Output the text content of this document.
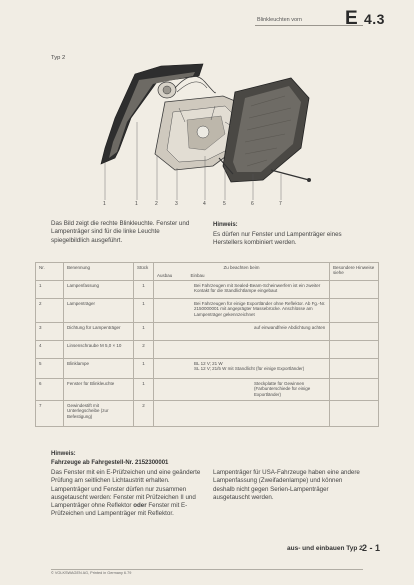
Blinkleuchten vorn E 4.3
Typ 2
1	1	2	3	4	5	6	7
Das Bild zeigt die rechte Blinkleuchte. Fenster und Lampenträger sind für die linke Leuchte spiegelbildlich ausgeführt.
Hinweis:
Es dürfen nur Fenster und Lampenträger eines Herstellers kombiniert werden.
Nr.	Benennung	Stück	Zu beachten beim		Besondere Hinweise siehe
			Ausbau	Einbau	
1	Lampenfassung	1	Bei Fahrzeugen mit Sealed-Beam-Scheinwerfern ist ein zweiter Kontakt für die Standlichtlampe eingebaut		
2	Lampenträger	1	Bei Fahrzeugen für einige Exportländer ohne Reflektor. Ab Fg.-Nr. 2150000001 mit angeprägter Massebrücke. Anschlüsse am Lampenträger gekennzeichnet		
3	Dichtung für Lampenträger	1	auf einwandfreie Abdichtung achten		
4	Linsenschraube M 5,0 × 10	2			
5	Blinklampe	1	BL 12 V; 21 W
SL 12 V; 21/5 W mit Standlicht (für einige Exportländer)		
6	Fenster für Blinkleuchte	1	Steckplatte für Gewinnen (Farbunterschiede für einige Exportländer)		
7	Gewindestift mit Unterlegscheibe (zur Befestigung)	2			
Hinweis:
Fahrzeuge ab Fahrgestell-Nr. 2152300001
Das Fenster mit ein E-Prüfzeichen und eine geänderte Prüfung am seitlichen Lichtaustritt erhalten. Lampenträger und Fenster dürfen nur zusammen ausgetauscht werden: Fenster mit Prüfzeichen II und Lampenträger ohne Reflektor oder Fenster mit E-Prüfzeichen und Lampenträger mit Reflektor.
Lampenträger für USA-Fahrzeuge haben eine andere Lampenfassung (Zweifadenlampe) und können deshalb nicht gegen Serien-Lampenträger ausgetauscht werden.
aus- und einbauen Typ 2 2 - 1
© VOLKSWAGEN AG, Printed in Germany 6.79
